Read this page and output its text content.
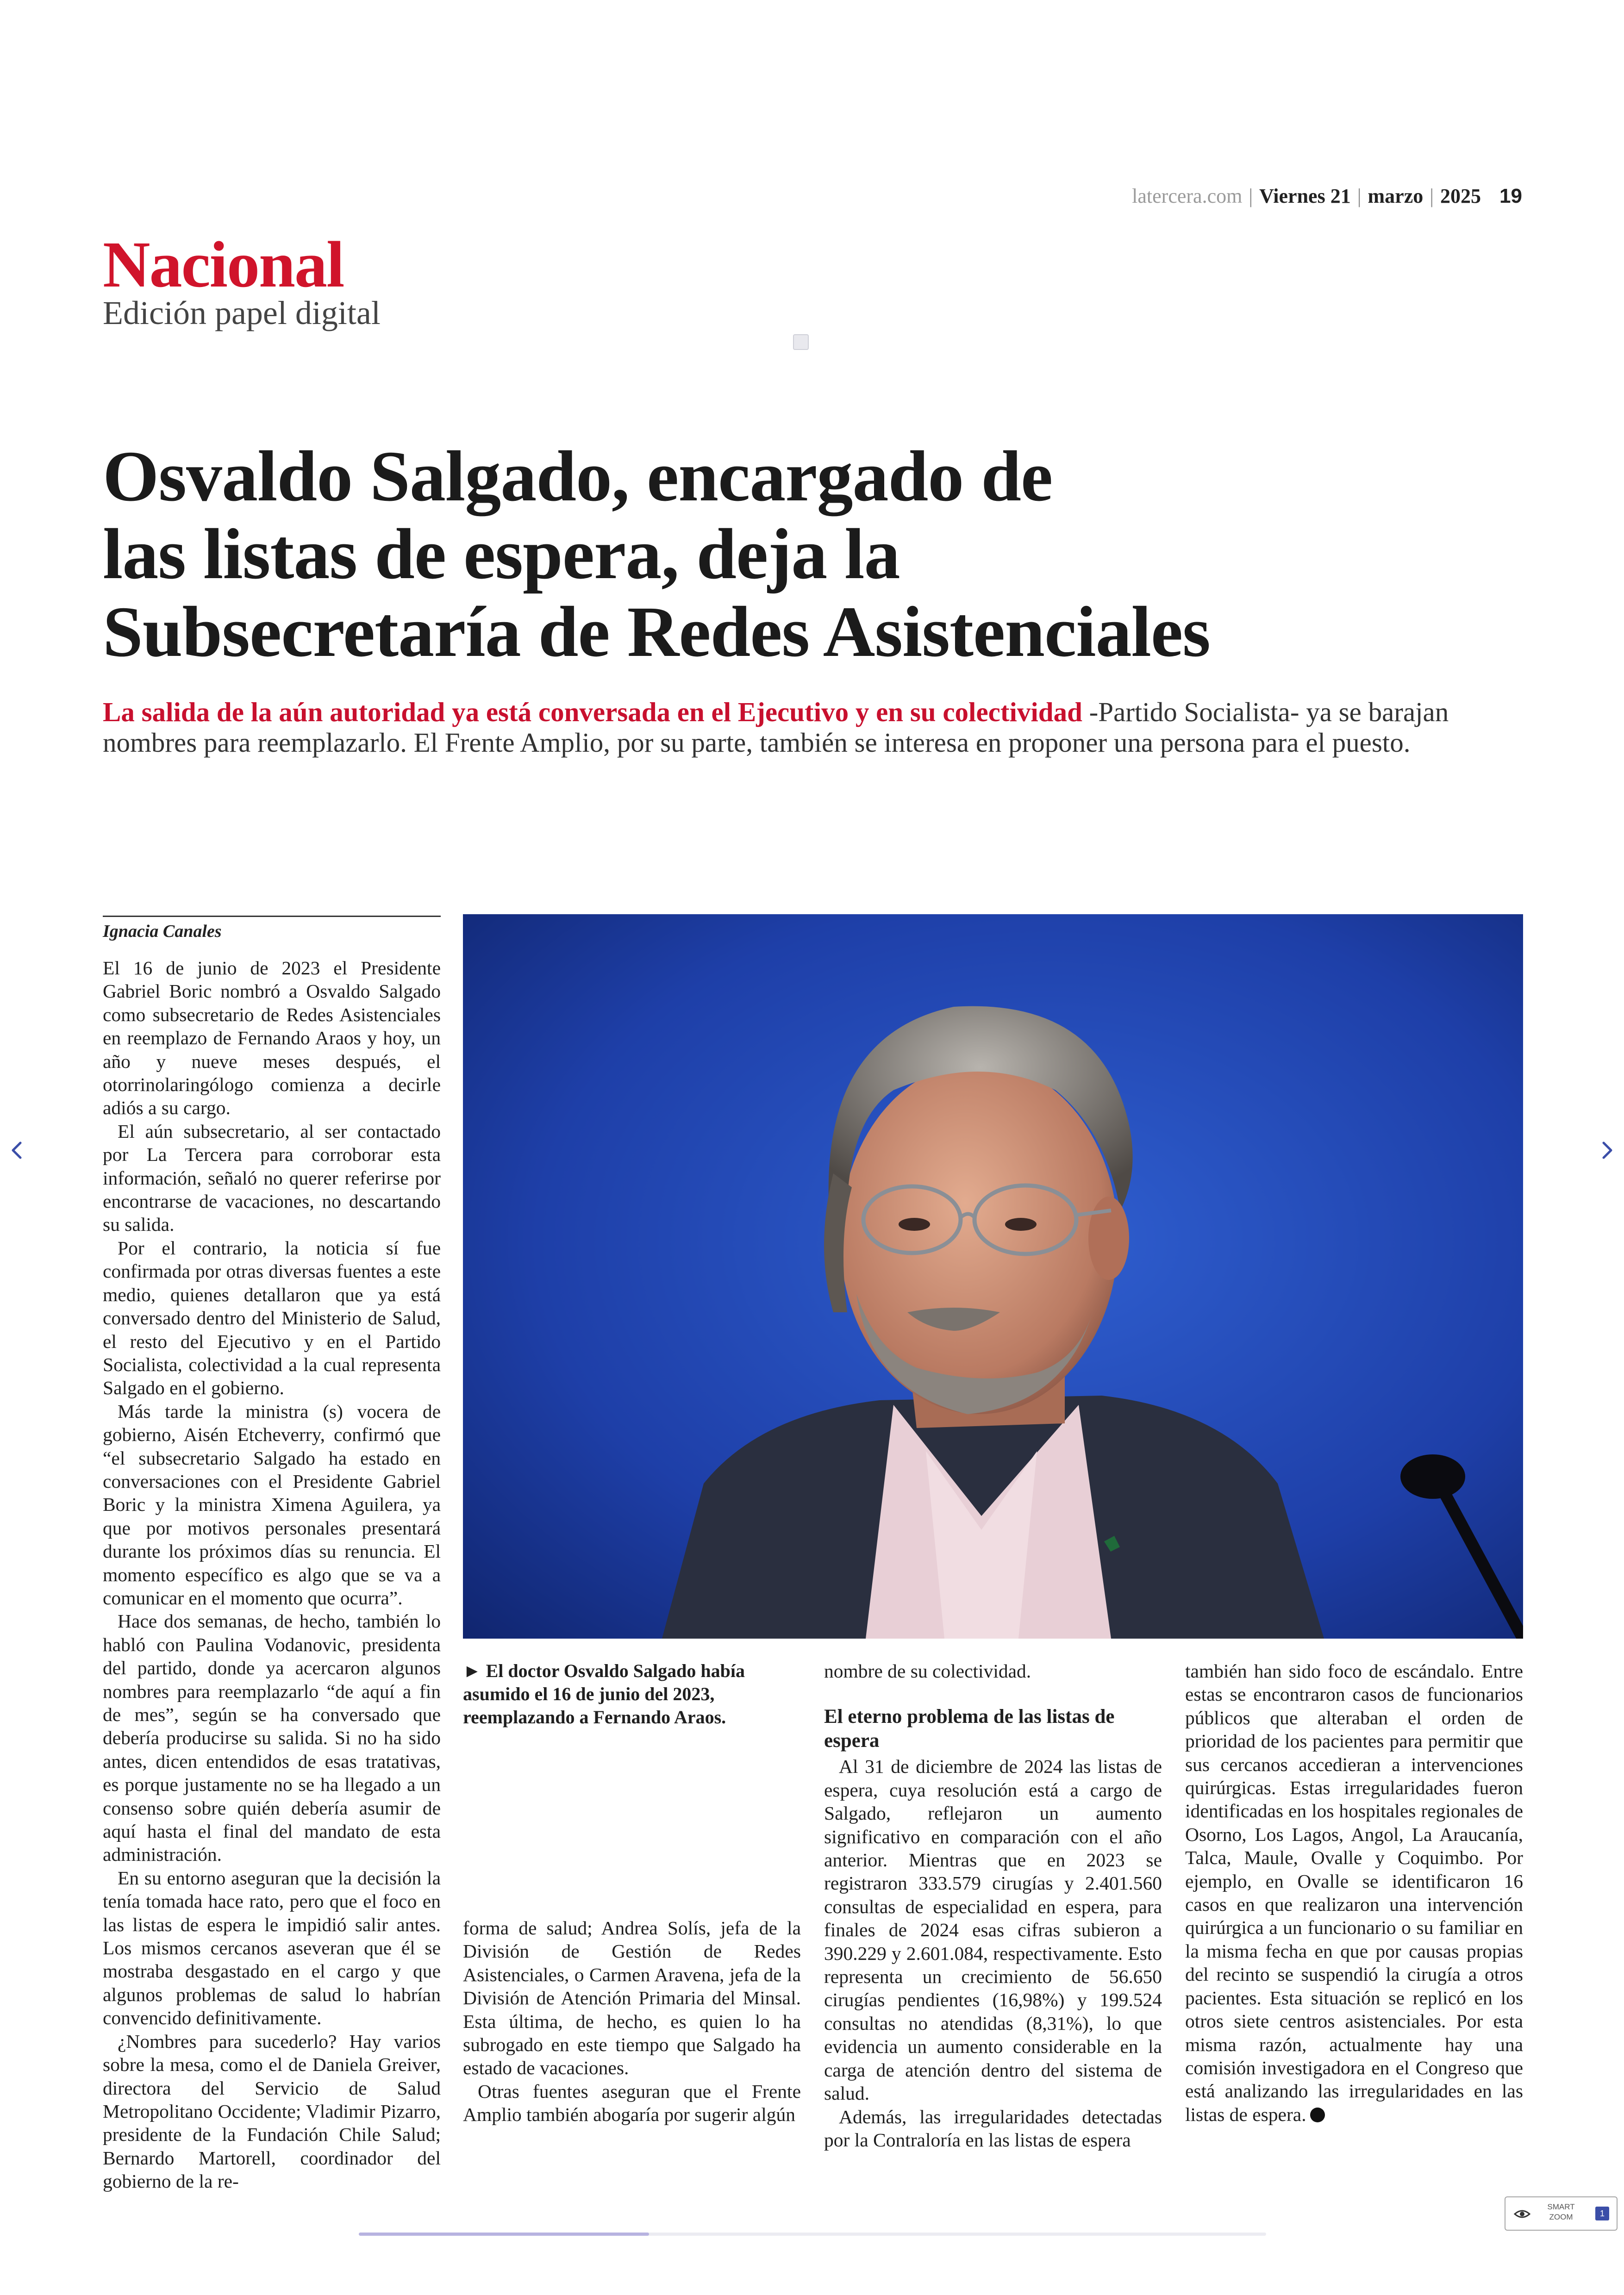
latercera.com | Viernes 21 | marzo | 2025 19
Nacional
Edición papel digital
Osvaldo Salgado, encargado de
las listas de espera, deja la
Subsecretaría de Redes Asistenciales

La salida de la aún autoridad ya está conversada en el Ejecutivo y en su colectividad -Partido Socialista- ya se barajan nombres para reemplazarlo. El Frente Amplio, por su parte, también se interesa en proponer una persona para el puesto.

Ignacia Canales

El 16 de junio de 2023 el Presidente Gabriel Boric nombró a Osvaldo Salgado como subsecretario de Redes Asistenciales en reemplazo de Fernando Araos y hoy, un año y nueve meses después, el otorrinolaringólogo comienza a decirle adiós a su cargo.

El aún subsecretario, al ser contactado por La Tercera para corroborar esta información, señaló no querer referirse por encontrarse de vacaciones, no descartando su salida.

Por el contrario, la noticia sí fue confirmada por otras diversas fuentes a este medio, quienes detallaron que ya está conversado dentro del Ministerio de Salud, el resto del Ejecutivo y en el Partido Socialista, colectividad a la cual representa Salgado en el gobierno.

Más tarde la ministra (s) vocera de gobierno, Aisén Etcheverry, confirmó que “el subsecretario Salgado ha estado en conversaciones con el Presidente Gabriel Boric y la ministra Ximena Aguilera, ya que por motivos personales presentará durante los próximos días su renuncia. El momento específico es algo que se va a comunicar en el momento que ocurra”.

Hace dos semanas, de hecho, también lo habló con Paulina Vodanovic, presidenta del partido, donde ya acercaron algunos nombres para reemplazarlo “de aquí a fin de mes”, según se ha conversado que debería producirse su salida. Si no ha sido antes, dicen entendidos de esas tratativas, es porque justamente no se ha llegado a un consenso sobre quién debería asumir de aquí hasta el final del mandato de esta administración.

En su entorno aseguran que la decisión la tenía tomada hace rato, pero que el foco en las listas de espera le impidió salir antes. Los mismos cercanos aseveran que él se mostraba desgastado en el cargo y que algunos problemas de salud lo habrían convencido definitivamente.

¿Nombres para sucederlo? Hay varios sobre la mesa, como el de Daniela Greiver, directora del Servicio de Salud Metropolitano Occidente; Vladimir Pizarro, presidente de la Fundación Chile Salud; Bernardo Martorell, coordinador del gobierno de la re-

► El doctor Osvaldo Salgado había asumido el 16 de junio del 2023, reemplazando a Fernando Araos.

forma de salud; Andrea Solís, jefa de la División de Gestión de Redes Asistenciales, o Carmen Aravena, jefa de la División de Atención Primaria del Minsal. Esta última, de hecho, es quien lo ha subrogado en este tiempo que Salgado ha estado de vacaciones.

Otras fuentes aseguran que el Frente Amplio también abogaría por sugerir algún

nombre de su colectividad.

El eterno problema de las listas de espera

Al 31 de diciembre de 2024 las listas de espera, cuya resolución está a cargo de Salgado, reflejaron un aumento significativo en comparación con el año anterior. Mientras que en 2023 se registraron 333.579 cirugías y 2.401.560 consultas de especialidad en espera, para finales de 2024 esas cifras subieron a 390.229 y 2.601.084, respectivamente. Esto representa un crecimiento de 56.650 cirugías pendientes (16,98%) y 199.524 consultas no atendidas (8,31%), lo que evidencia un aumento considerable en la carga de atención dentro del sistema de salud.

Además, las irregularidades detectadas por la Contraloría en las listas de espera

también han sido foco de escándalo. Entre estas se encontraron casos de funcionarios públicos que alteraban el orden de prioridad de los pacientes para permitir que sus cercanos accedieran a intervenciones quirúrgicas. Estas irregularidades fueron identificadas en los hospitales regionales de Osorno, Los Lagos, Angol, La Araucanía, Talca, Maule, Ovalle y Coquimbo. Por ejemplo, en Ovalle se identificaron 16 casos en que realizaron una intervención quirúrgica a un funcionario o su familiar en la misma fecha en que por causas propias del recinto se suspendió la cirugía a otros pacientes. Esta situación se replicó en los otros siete centros asistenciales. Por esta misma razón, actualmente hay una comisión investigadora en el Congreso que está analizando las irregularidades en las listas de espera.

SMART
ZOOM	1
